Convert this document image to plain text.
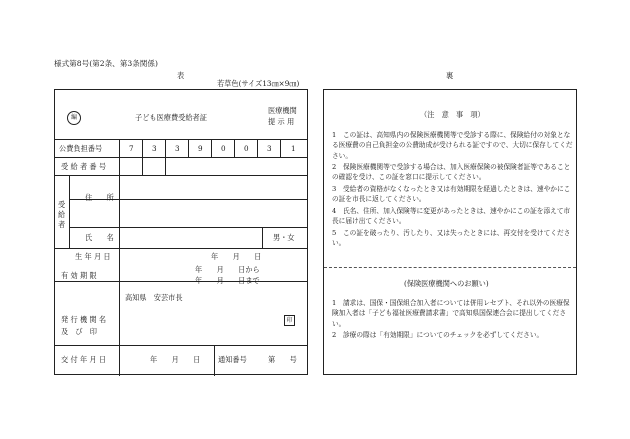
様式第8号(第2条、第3条関係)
表	裏
若草色(サイズ13㎝×9㎝)
編	子ども医療費受給者証
医療機関
提 示 用
公費負担番号	7	3	3	9	0	0	3	1
受 給 者 番 号
受給者
住　　所
氏　　名	男・女
生 年 月 日	年　　月　　日
有 効 期 限
年　　月　　日から
年　　月　　日まで
発 行 機 関 名
及　び　印
高知県　安芸市長
印
交 付 年 月 日	年　　月　　日 通知番号	第　　号
（注　意　事　項）
1　この証は、高知県内の保険医療機関等で受診する際に、保険給付の対象となる医療費の自己負担金の公費助成が受けられる証ですので、大切に保存してください。
2　保険医療機関等で受診する場合は、加入医療保険の被保険者証等であることの確認を受け、この証を窓口に提示してください。
3　受給者の資格がなくなったとき又は有効期限を経過したときは、速やかにこの証を市長に返してください。
4　氏名、住所、加入保険等に変更があったときは、速やかにこの証を添えて市長に届け出てください。
5　この証を破ったり、汚したり、又は失ったときには、再交付を受けてください。
(保険医療機関へのお願い)
1　請求は、国保・国保組合加入者については併用レセプト、それ以外の医療保険加入者は「子ども福祉医療費請求書」で高知県国保連合会に提出してください。
2　診療の際は「有効期限」についてのチェックを必ずしてください。
